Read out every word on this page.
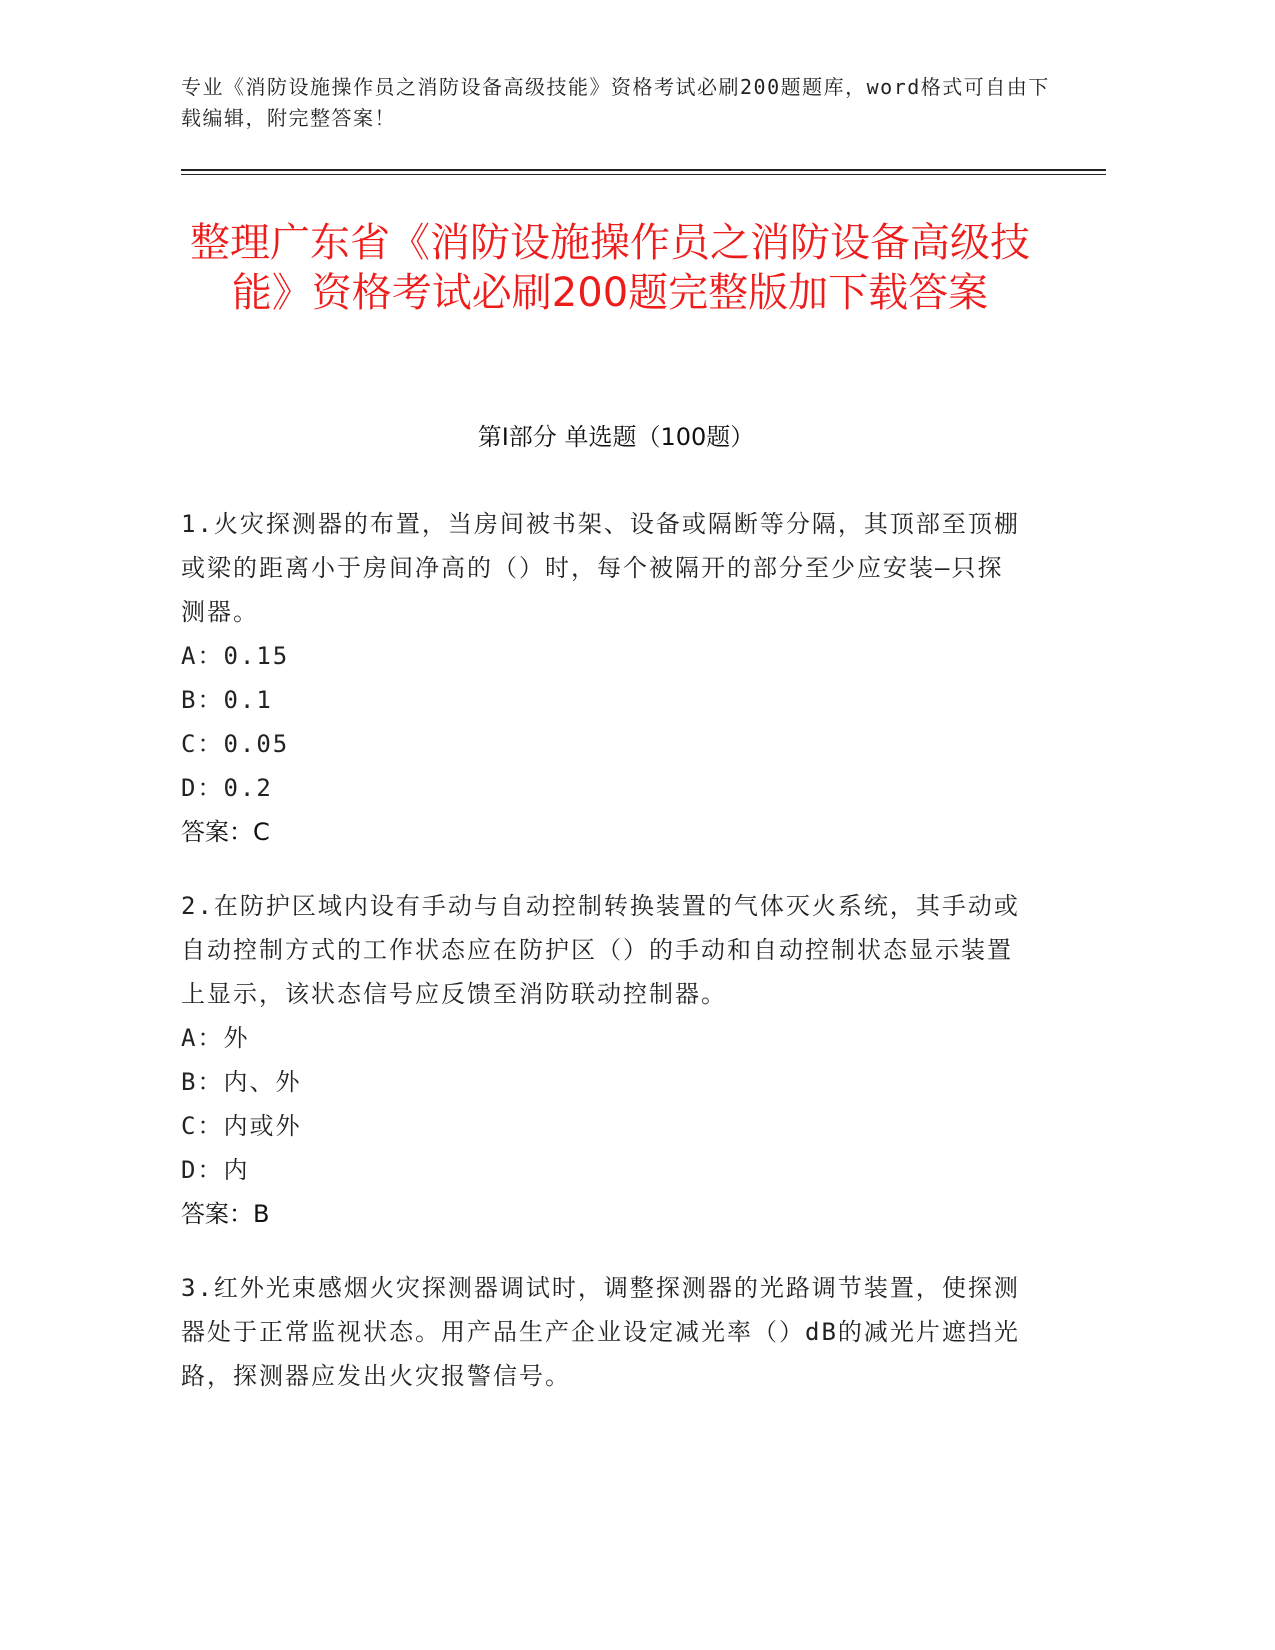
专业《消防设施操作员之消防设备高级技能》资格考试必刷200题题库，word格式可自由下载编辑，附完整答案！
整理广东省《消防设施操作员之消防设备高级技能》资格考试必刷200题完整版加下载答案
第I部分 单选题（100题）

1.火灾探测器的布置，当房间被书架、设备或隔断等分隔，其顶部至顶棚或梁的距离小于房间净高的（）时，每个被隔开的部分至少应安装—只探测器。

A：0.15

B：0.1

C：0.05

D：0.2

答案：C

2.在防护区域内设有手动与自动控制转换装置的气体灭火系统，其手动或自动控制方式的工作状态应在防护区（）的手动和自动控制状态显示装置上显示，该状态信号应反馈至消防联动控制器。

A：外

B：内、外

C：内或外

D：内

答案：B

3.红外光束感烟火灾探测器调试时，调整探测器的光路调节装置，使探测器处于正常监视状态。用产品生产企业设定减光率（）dB的减光片遮挡光路，探测器应发出火灾报警信号。
